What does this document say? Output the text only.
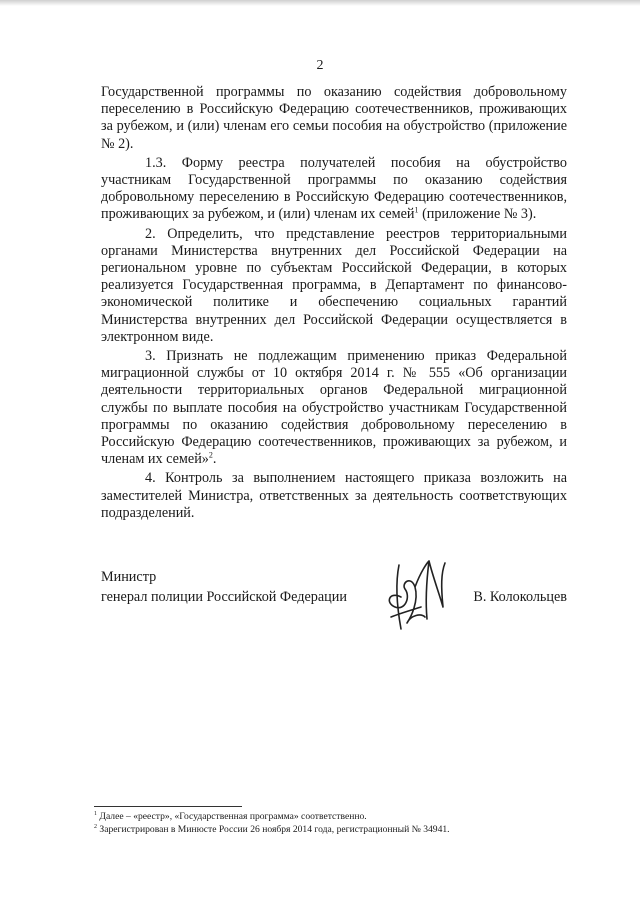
2

Государственной программы по оказанию содействия добровольному переселению в Российскую Федерацию соотечественников, проживающих за рубежом, и (или) членам его семьи пособия на обустройство (приложение № 2).

1.3. Форму реестра получателей пособия на обустройство участникам Государственной программы по оказанию содействия добровольному переселению в Российскую Федерацию соотечественников, проживающих за рубежом, и (или) членам их семей$^1$ (приложение № 3).

2. Определить, что представление реестров территориальными органами Министерства внутренних дел Российской Федерации на региональном уровне по субъектам Российской Федерации, в которых реализуется Государственная программа, в Департамент по финансово-экономической политике и обеспечению социальных гарантий Министерства внутренних дел Российской Федерации осуществляется в электронном виде.

3. Признать не подлежащим применению приказ Федеральной миграционной службы от 10 октября 2014 г. № 555 «Об организации деятельности территориальных органов Федеральной миграционной службы по выплате пособия на обустройство участникам Государственной программы по оказанию содействия добровольному переселению в Российскую Федерацию соотечественников, проживающих за рубежом, и членам их семей»$^2$.

4. Контроль за выполнением настоящего приказа возложить на заместителей Министра, ответственных за деятельность соответствующих подразделений.

Министр
генерал полиции Российской Федерации	В. Колокольцев

$^1$ Далее – «реестр», «Государственная программа» соответственно.

$^2$ Зарегистрирован в Минюсте России 26 ноября 2014 года, регистрационный № 34941.
